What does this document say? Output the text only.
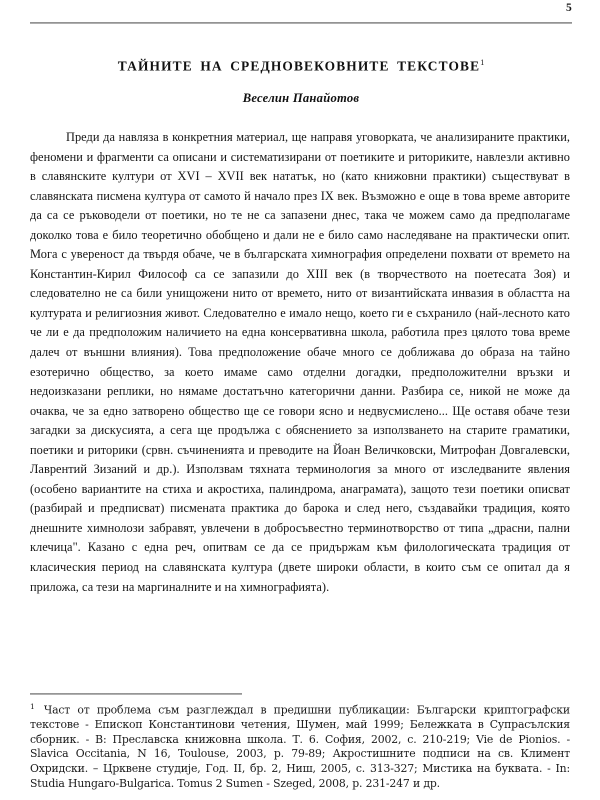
5
ТАЙНИТЕ НА СРЕДНОВЕКОВНИТЕ ТЕКСТОВЕ$^1$
Веселин Панайотов

Преди да навляза в конкретния материал, ще направя уговорката, че анализираните практики, феномени и фрагменти са описани и систематизирани от поетиките и риториките, навлезли активно в славянските култури от XVI – XVII век нататък, но (като книжовни практики) съществуват в славянската писмена култура от самото й начало през IX век. Възможно е още в това време авторите да са се ръководели от поетики, но те не са запазени днес, така че можем само да предполагаме доколко това е било теоретично обобщено и дали не е било само наследяване на практически опит. Мога с увереност да твърдя обаче, че в българската химнография определени похвати от времето на Константин-Кирил Философ са се запазили до XIII век (в творчеството на поетесата Зоя) и следователно не са били унищожени нито от времето, нито от византийската инвазия в областта на културата и религиозния живот. Следователно е имало нещо, което ги е съхранило (най-лесното като че ли е да предположим наличието на една консервативна школа, работила през цялото това време далеч от външни влияния). Това предположение обаче много се доближава до образа на тайно езотерично общество, за което имаме само отделни догадки, предположителни връзки и недоизказани реплики, но нямаме достатъчно категорични данни. Разбира се, никой не може да очаква, че за едно затворено общество ще се говори ясно и недвусмислено... Ще оставя обаче тези загадки за дискусията, а сега ще продължа с обяснението за използването на старите граматики, поетики и риторики (срвн. съчиненията и преводите на Йоан Величковски, Митрофан Довгалевски, Лаврентий Зизаний и др.). Използвам тяхната терминология за много от изследваните явления (особено вариантите на стиха и акростиха, палиндрома, анаграмата), защото тези поетики описват (разбирай и предписват) писмената практика до барока и след него, създавайки традиция, която днешните химнолози забравят, увлечени в добросъвестно терминотворство от типа „драсни, пални клечица". Казано с една реч, опитвам се да се придържам към филологическата традиция от класическия период на славянската култура (двете широки области, в които съм се опитал да я приложа, са тези на маргиналните и на химнографията).

$^1$ Част от проблема съм разглеждал в предишни публикации: Български криптографски текстове - Епископ Константинови четения, Шумен, май 1999; Бележката в Супрасълския сборник. - В: Преславска книжовна школа. Т. 6. София, 2002, с. 210-219; Vie de Pionios. - Slavica Occitania, N 16, Toulouse, 2003, p. 79-89; Акростишните подписи на св. Климент Охридски. – Црквене студије, Год. II, бр. 2, Ниш, 2005, с. 313-327; Мистика на буквата. - In: Studia Hungaro-Bulgarica. Tomus 2 Sumen - Szeged, 2008, p. 231-247 и др.
